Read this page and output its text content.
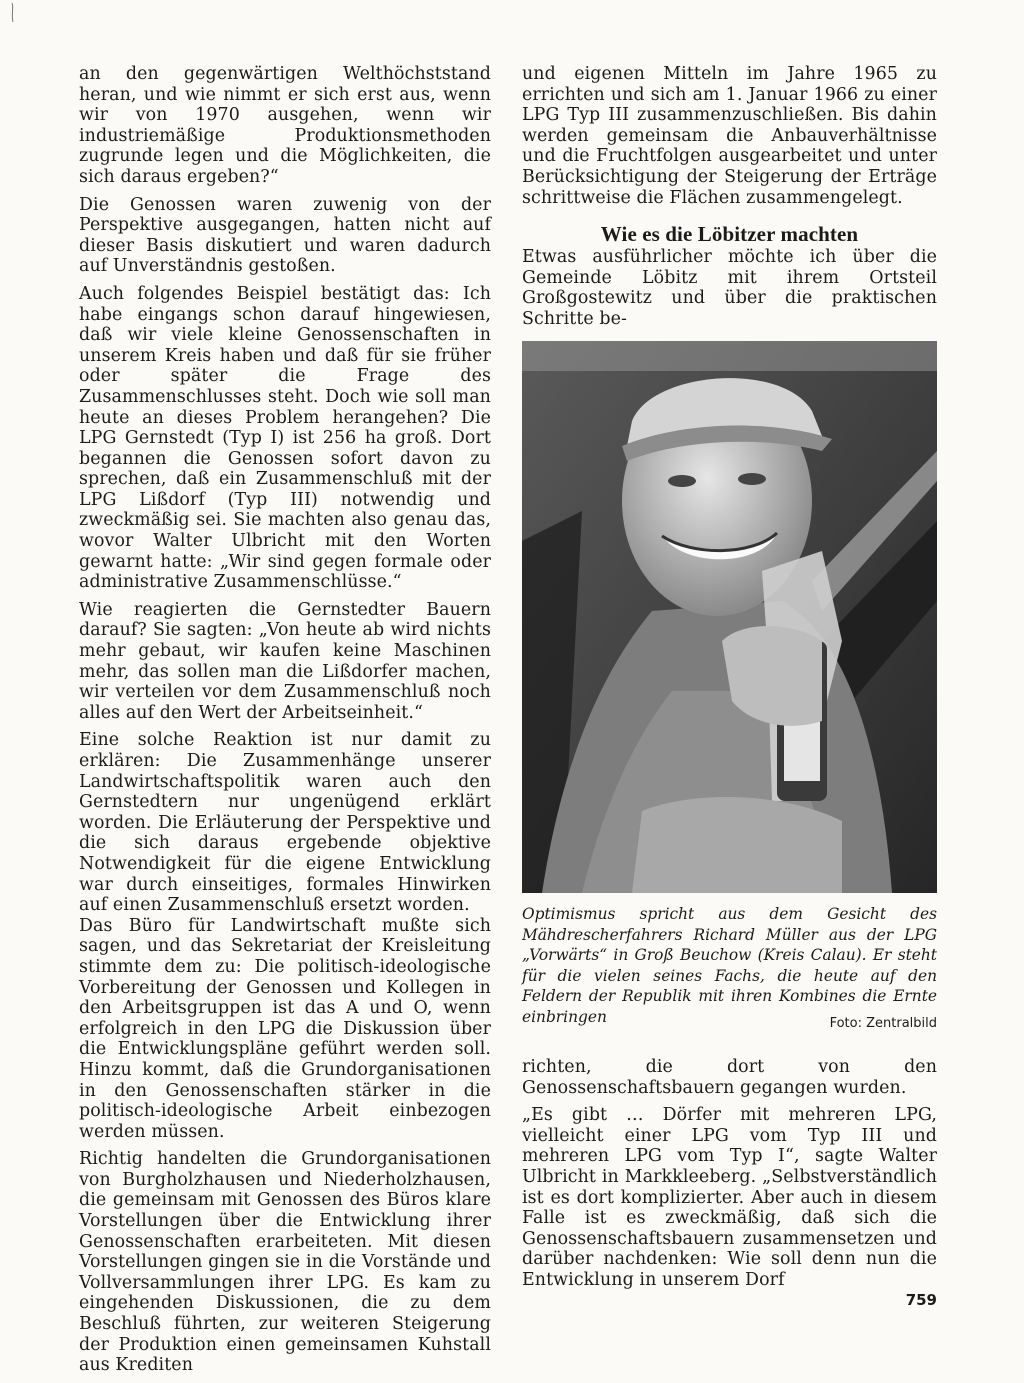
an den gegenwärtigen Welthöchststand heran, und wie nimmt er sich erst aus, wenn wir von 1970 ausgehen, wenn wir industriemäßige Produktionsmethoden zugrunde legen und die Möglichkeiten, die sich daraus ergeben?“

Die Genossen waren zuwenig von der Perspektive ausgegangen, hatten nicht auf dieser Basis diskutiert und waren dadurch auf Unverständnis gestoßen.

Auch folgendes Beispiel bestätigt das: Ich habe eingangs schon darauf hingewiesen, daß wir viele kleine Genossenschaften in unserem Kreis haben und daß für sie früher oder später die Frage des Zusammenschlusses steht. Doch wie soll man heute an dieses Problem herangehen? Die LPG Gernstedt (Typ I) ist 256 ha groß. Dort begannen die Genossen sofort davon zu sprechen, daß ein Zusammenschluß mit der LPG Lißdorf (Typ III) notwendig und zweckmäßig sei. Sie machten also genau das, wovor Walter Ulbricht mit den Worten gewarnt hatte: „Wir sind gegen formale oder administrative Zusammenschlüsse.“

Wie reagierten die Gernstedter Bauern darauf? Sie sagten: „Von heute ab wird nichts mehr gebaut, wir kaufen keine Maschinen mehr, das sollen man die Lißdorfer machen, wir verteilen vor dem Zusammenschluß noch alles auf den Wert der Arbeitseinheit.“

Eine solche Reaktion ist nur damit zu erklären: Die Zusammenhänge unserer Landwirtschaftspolitik waren auch den Gernstedtern nur ungenügend erklärt worden. Die Erläuterung der Perspektive und die sich daraus ergebende objektive Notwendigkeit für die eigene Entwicklung war durch einseitiges, formales Hinwirken auf einen Zusammenschluß ersetzt worden.

Das Büro für Landwirtschaft mußte sich sagen, und das Sekretariat der Kreisleitung stimmte dem zu: Die politisch-ideologische Vorbereitung der Genossen und Kollegen in den Arbeitsgruppen ist das A und O, wenn erfolgreich in den LPG die Diskussion über die Entwicklungspläne geführt werden soll. Hinzu kommt, daß die Grundorganisationen in den Genossenschaften stärker in die politisch-ideologische Arbeit einbezogen werden müssen.

Richtig handelten die Grundorganisationen von Burgholzhausen und Niederholzhausen, die gemeinsam mit Genossen des Büros klare Vorstellungen über die Entwicklung ihrer Genossenschaften erarbeiteten. Mit diesen Vorstellungen gingen sie in die Vorstände und Vollversammlungen ihrer LPG. Es kam zu eingehenden Diskussionen, die zu dem Beschluß führten, zur weiteren Steigerung der Produktion einen gemeinsamen Kuhstall aus Krediten

und eigenen Mitteln im Jahre 1965 zu errichten und sich am 1. Januar 1966 zu einer LPG Typ III zusammenzuschließen. Bis dahin werden gemeinsam die Anbauverhältnisse und die Fruchtfolgen ausgearbeitet und unter Berücksichtigung der Steigerung der Erträge schrittweise die Flächen zusammengelegt.

Wie es die Löbitzer machten

Etwas ausführlicher möchte ich über die Gemeinde Löbitz mit ihrem Ortsteil Großgostewitz und über die praktischen Schritte be-

Optimismus spricht aus dem Gesicht des Mähdrescherfahrers Richard Müller aus der LPG „Vorwärts“ in Groß Beuchow (Kreis Calau). Er steht für die vielen seines Fachs, die heute auf den Feldern der Republik mit ihren Kombines die Ernte einbringen	Foto: Zentralbild

richten, die dort von den Genossenschaftsbauern gegangen wurden.

„Es gibt … Dörfer mit mehreren LPG, vielleicht einer LPG vom Typ III und mehreren LPG vom Typ I“, sagte Walter Ulbricht in Markkleeberg. „Selbstverständlich ist es dort komplizierter. Aber auch in diesem Falle ist es zweckmäßig, daß sich die Genossenschaftsbauern zusammensetzen und darüber nachdenken: Wie soll denn nun die Entwicklung in unserem Dorf

759
